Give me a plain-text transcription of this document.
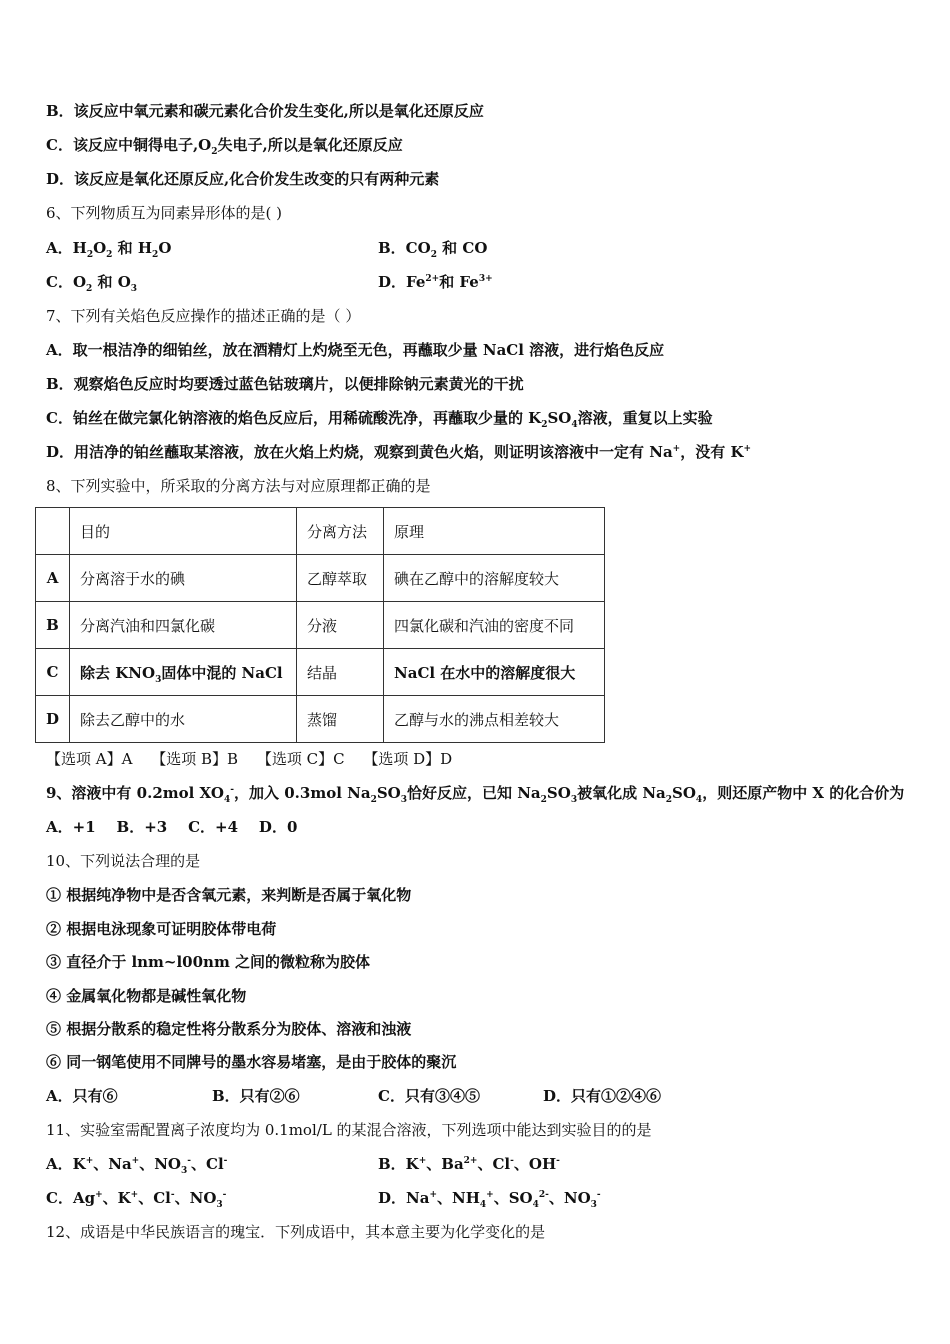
B．该反应中氧元素和碳元素化合价发生变化,所以是氧化还原反应
C．该反应中铜得电子$,O_2$失电子,所以是氧化还原反应
D．该反应是氧化还原反应,化合价发生改变的只有两种元素
6、下列物质互为同素异形体的是( )
A．$H_2O_2$ 和 $H_2O$	B．$CO_2$ 和 CO
C．$O_2$ 和 $O_3$	D．$Fe^{2+}$和 $Fe^{3+}$
7、下列有关焰色反应操作的描述正确的是（ ）
A．取一根洁净的细铂丝，放在酒精灯上灼烧至无色，再蘸取少量 NaCl 溶液，进行焰色反应
B．观察焰色反应时均要透过蓝色钴玻璃片，以便排除钠元素黄光的干扰
C．铂丝在做完氯化钠溶液的焰色反应后，用稀硫酸洗净，再蘸取少量的 $K_2SO_4$溶液，重复以上实验
D．用洁净的铂丝蘸取某溶液，放在火焰上灼烧，观察到黄色火焰，则证明该溶液中一定有 Na+，没有 K+
8、下列实验中，所采取的分离方法与对应原理都正确的是
	目的	分离方法	原理
A	分离溶于水的碘	乙醇萃取	碘在乙醇中的溶解度较大
B	分离汽油和四氯化碳	分液	四氯化碳和汽油的密度不同
C	除去 $KNO_3$固体中混的 NaCl	结晶	NaCl 在水中的溶解度很大
D	除去乙醇中的水	蒸馏	乙醇与水的沸点相差较大
【选项 A】A 【选项 B】B 【选项 C】C 【选项 D】D
9、溶液中有 0.2mol $XO_4^-$，加入 0.3mol $Na_2SO_3$恰好反应，已知 $Na_2SO_3$被氧化成 $Na_2SO_4$，则还原产物中 X 的化合价为
A．+1    B．+3    C．+4    D．0
10、下列说法合理的是
① 根据纯净物中是否含氧元素，来判断是否属于氧化物
② 根据电泳现象可证明胶体带电荷
③ 直径介于 lnm~l00nm 之间的微粒称为胶体
④ 金属氧化物都是碱性氧化物
⑤ 根据分散系的稳定性将分散系分为胶体、溶液和浊液
⑥ 同一钢笔使用不同牌号的墨水容易堵塞，是由于胶体的聚沉
A．只有⑥	B．只有②⑥	C．只有③④⑤	D．只有①②④⑥
11、实验室需配置离子浓度均为 0.1mol/L 的某混合溶液，下列选项中能达到实验目的的是
A．K+、Na+、$NO_3^-$、Cl-	B．K+、$Ba^{2+}$、Cl-、OH-
C．Ag+、K+、Cl-、$NO_3^-$	D．Na+、$NH_4^+$、$SO_4^{2-}$、$NO_3^-$
12、成语是中华民族语言的瑰宝．下列成语中，其本意主要为化学变化的是
